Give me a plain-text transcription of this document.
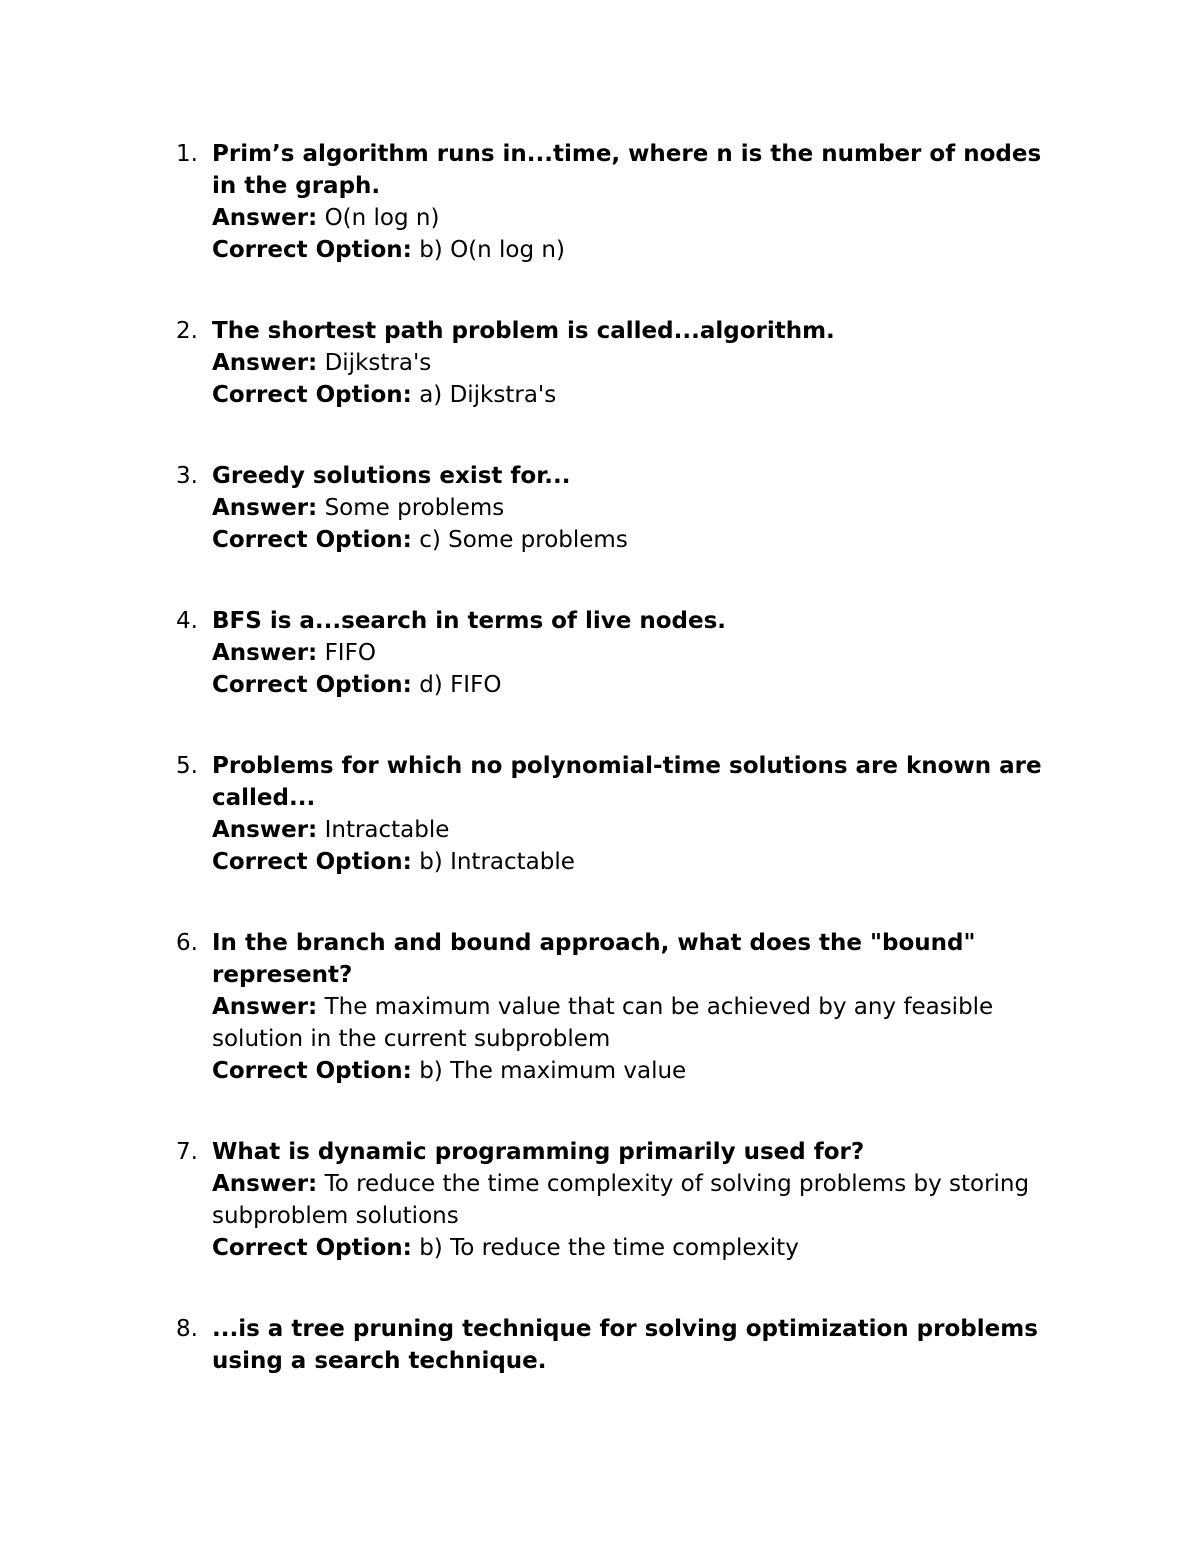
1. Prim’s algorithm runs in...time, where n is the number of nodes in the graph.
Answer: O(n log n)
Correct Option: b) O(n log n)
2. The shortest path problem is called...algorithm.
Answer: Dijkstra's
Correct Option: a) Dijkstra's
3. Greedy solutions exist for...
Answer: Some problems
Correct Option: c) Some problems
4. BFS is a...search in terms of live nodes.
Answer: FIFO
Correct Option: d) FIFO
5. Problems for which no polynomial-time solutions are known are called...
Answer: Intractable
Correct Option: b) Intractable
6. In the branch and bound approach, what does the "bound" represent?
Answer: The maximum value that can be achieved by any feasible solution in the current subproblem
Correct Option: b) The maximum value
7. What is dynamic programming primarily used for?
Answer: To reduce the time complexity of solving problems by storing subproblem solutions
Correct Option: b) To reduce the time complexity
8. ...is a tree pruning technique for solving optimization problems using a search technique.
